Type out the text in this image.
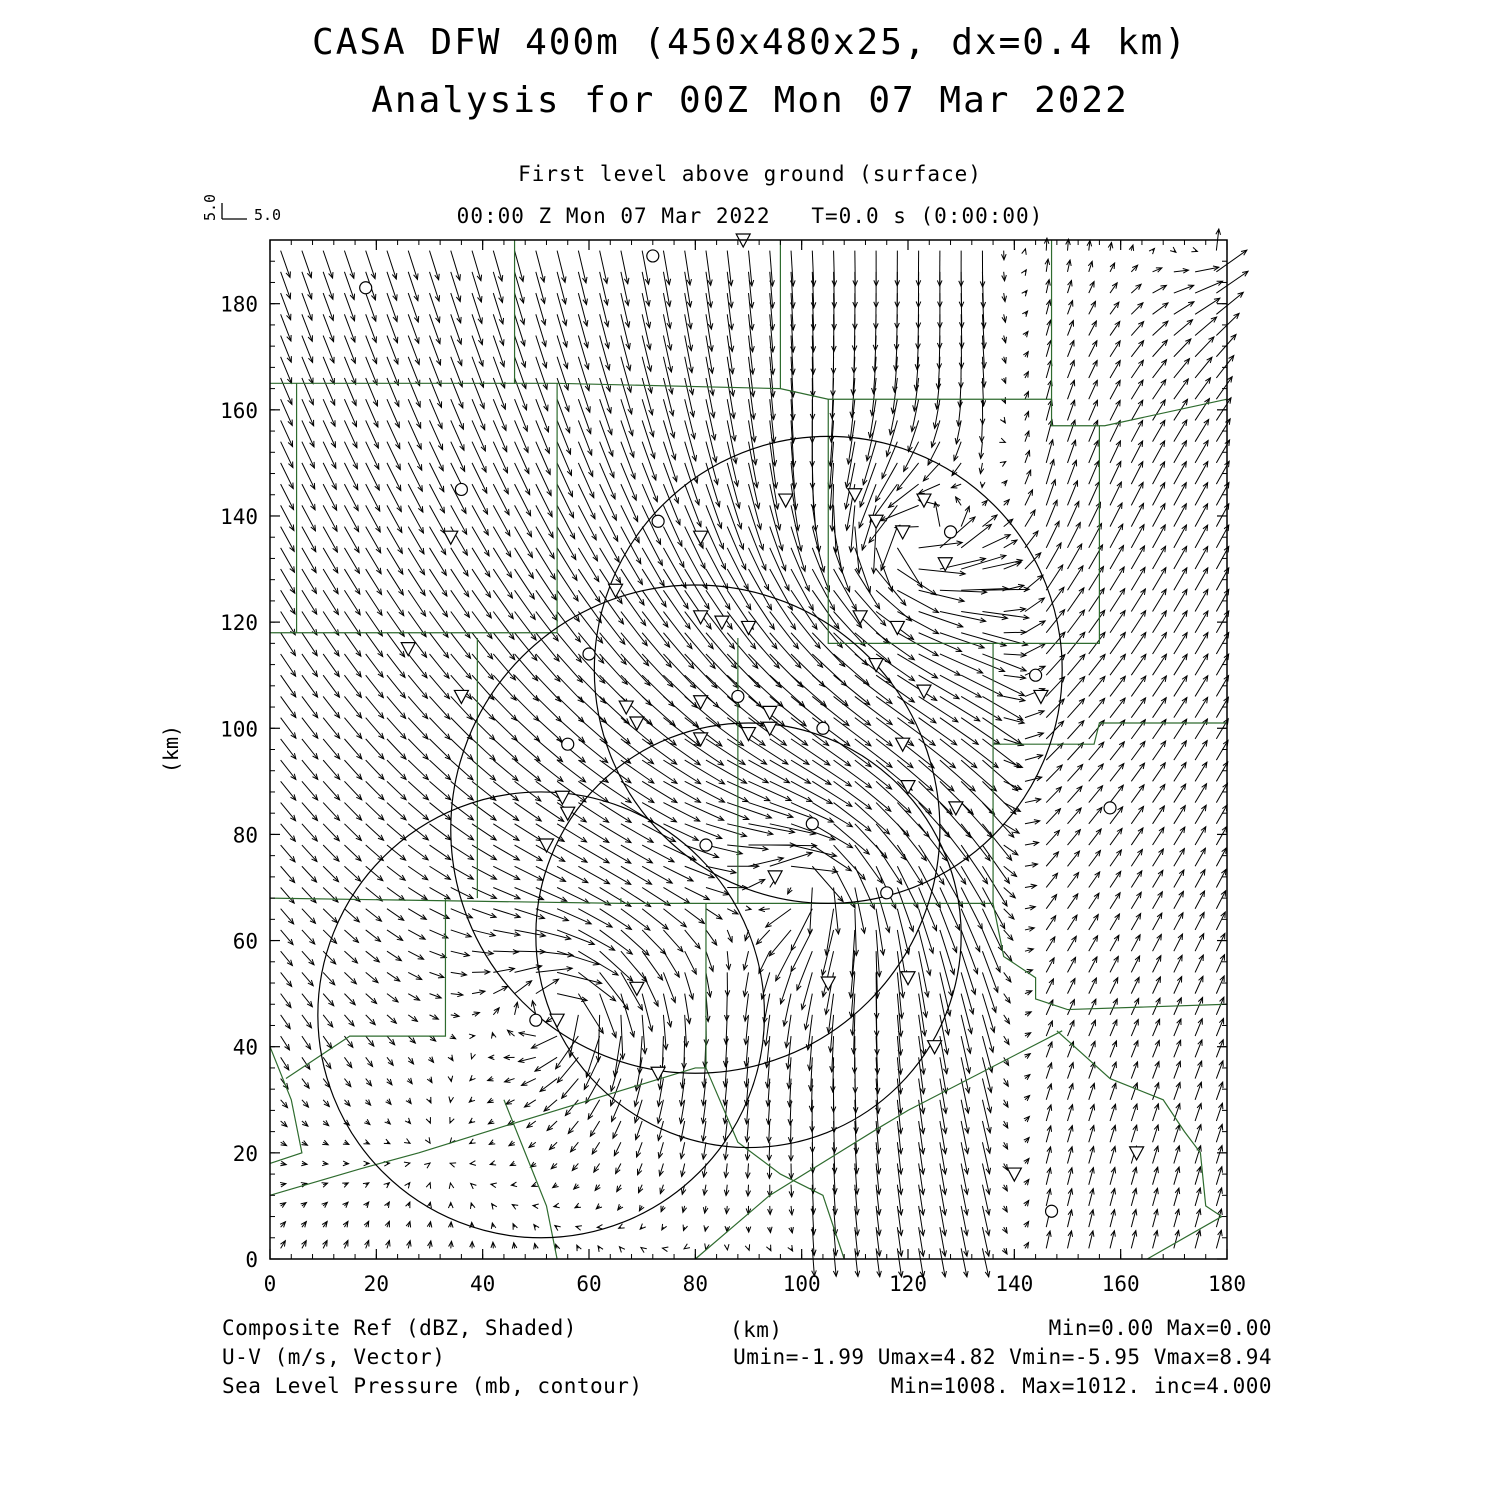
CASA DFW 400m (450x480x25, dx=0.4 km)
Analysis for 00Z Mon 07 Mar 2022
First level above ground (surface)
00:00 Z Mon 07 Mar 2022   T=0.0 s (0:00:00)
5.0
5.0
0	20	40	60	80	100	120	140	160	180
0
20
40
60
80
100
120
140
160
180
(km)
Composite Ref (dBZ, Shaded)	(km)	Min=0.00 Max=0.00
U-V (m/s, Vector)	Umin=-1.99 Umax=4.82 Vmin=-5.95 Vmax=8.94
Sea Level Pressure (mb, contour)	Min=1008. Max=1012. inc=4.000
